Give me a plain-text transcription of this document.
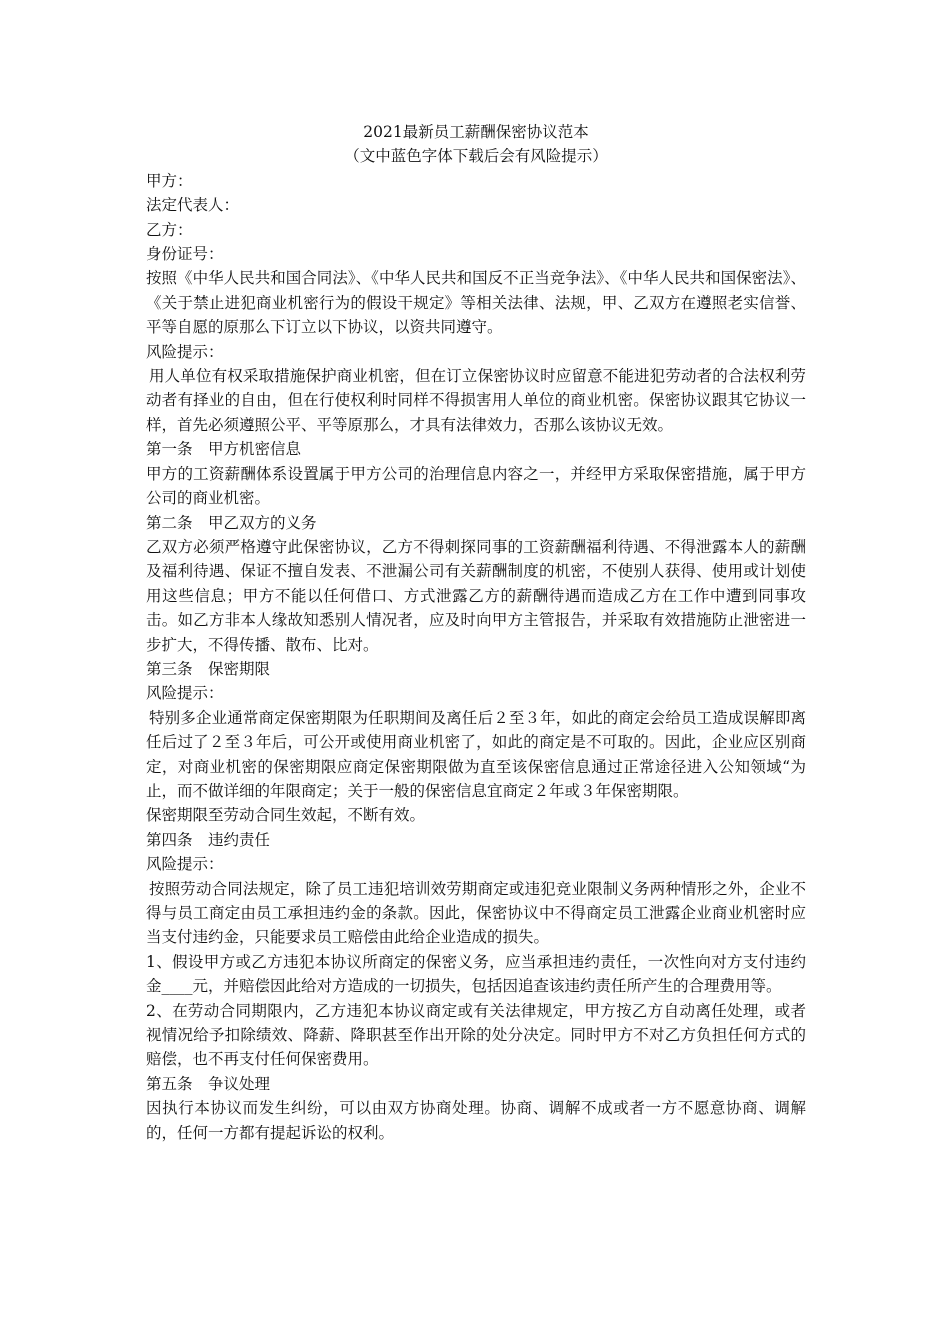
2021最新员工薪酬保密协议范本

（文中蓝色字体下载后会有风险提示）

甲方：

法定代表人：

乙方：

身份证号：

按照《中华人民共和国合同法》、《中华人民共和国反不正当竞争法》、《中华人民共和国保密法》、《关于禁止进犯商业机密行为的假设干规定》等相关法律、法规，甲、乙双方在遵照老实信誉、平等自愿的原那么下订立以下协议，以资共同遵守。

风险提示：

用人单位有权采取措施保护商业机密，但在订立保密协议时应留意不能进犯劳动者的合法权利劳动者有择业的自由，但在行使权利时同样不得损害用人单位的商业机密。保密协议跟其它协议一样，首先必须遵照公平、平等原那么，才具有法律效力，否那么该协议无效。

第一条　甲方机密信息

甲方的工资薪酬体系设置属于甲方公司的治理信息内容之一，并经甲方采取保密措施，属于甲方公司的商业机密。

第二条　甲乙双方的义务

乙双方必须严格遵守此保密协议，乙方不得刺探同事的工资薪酬福利待遇、不得泄露本人的薪酬及福利待遇、保证不擅自发表、不泄漏公司有关薪酬制度的机密，不使别人获得、使用或计划使用这些信息；甲方不能以任何借口、方式泄露乙方的薪酬待遇而造成乙方在工作中遭到同事攻击。如乙方非本人缘故知悉别人情况者，应及时向甲方主管报告，并采取有效措施防止泄密进一步扩大，不得传播、散布、比对。

第三条　保密期限

风险提示：

特别多企业通常商定保密期限为任职期间及离任后２至３年，如此的商定会给员工造成误解即离任后过了２至３年后，可公开或使用商业机密了，如此的商定是不可取的。因此，企业应区别商定，对商业机密的保密期限应商定保密期限做为直至该保密信息通过正常途径进入公知领域“为止，而不做详细的年限商定；关于一般的保密信息宜商定２年或３年保密期限。

保密期限至劳动合同生效起，不断有效。

第四条　违约责任

风险提示：

按照劳动合同法规定，除了员工违犯培训效劳期商定或违犯竞业限制义务两种情形之外，企业不得与员工商定由员工承担违约金的条款。因此，保密协议中不得商定员工泄露企业商业机密时应当支付违约金，只能要求员工赔偿由此给企业造成的损失。

1、假设甲方或乙方违犯本协议所商定的保密义务，应当承担违约责任，一次性向对方支付违约金____元，并赔偿因此给对方造成的一切损失，包括因追查该违约责任所产生的合理费用等。

2、在劳动合同期限内，乙方违犯本协议商定或有关法律规定，甲方按乙方自动离任处理，或者视情况给予扣除绩效、降薪、降职甚至作出开除的处分决定。同时甲方不对乙方负担任何方式的赔偿，也不再支付任何保密费用。

第五条　争议处理

因执行本协议而发生纠纷，可以由双方协商处理。协商、调解不成或者一方不愿意协商、调解的，任何一方都有提起诉讼的权利。
